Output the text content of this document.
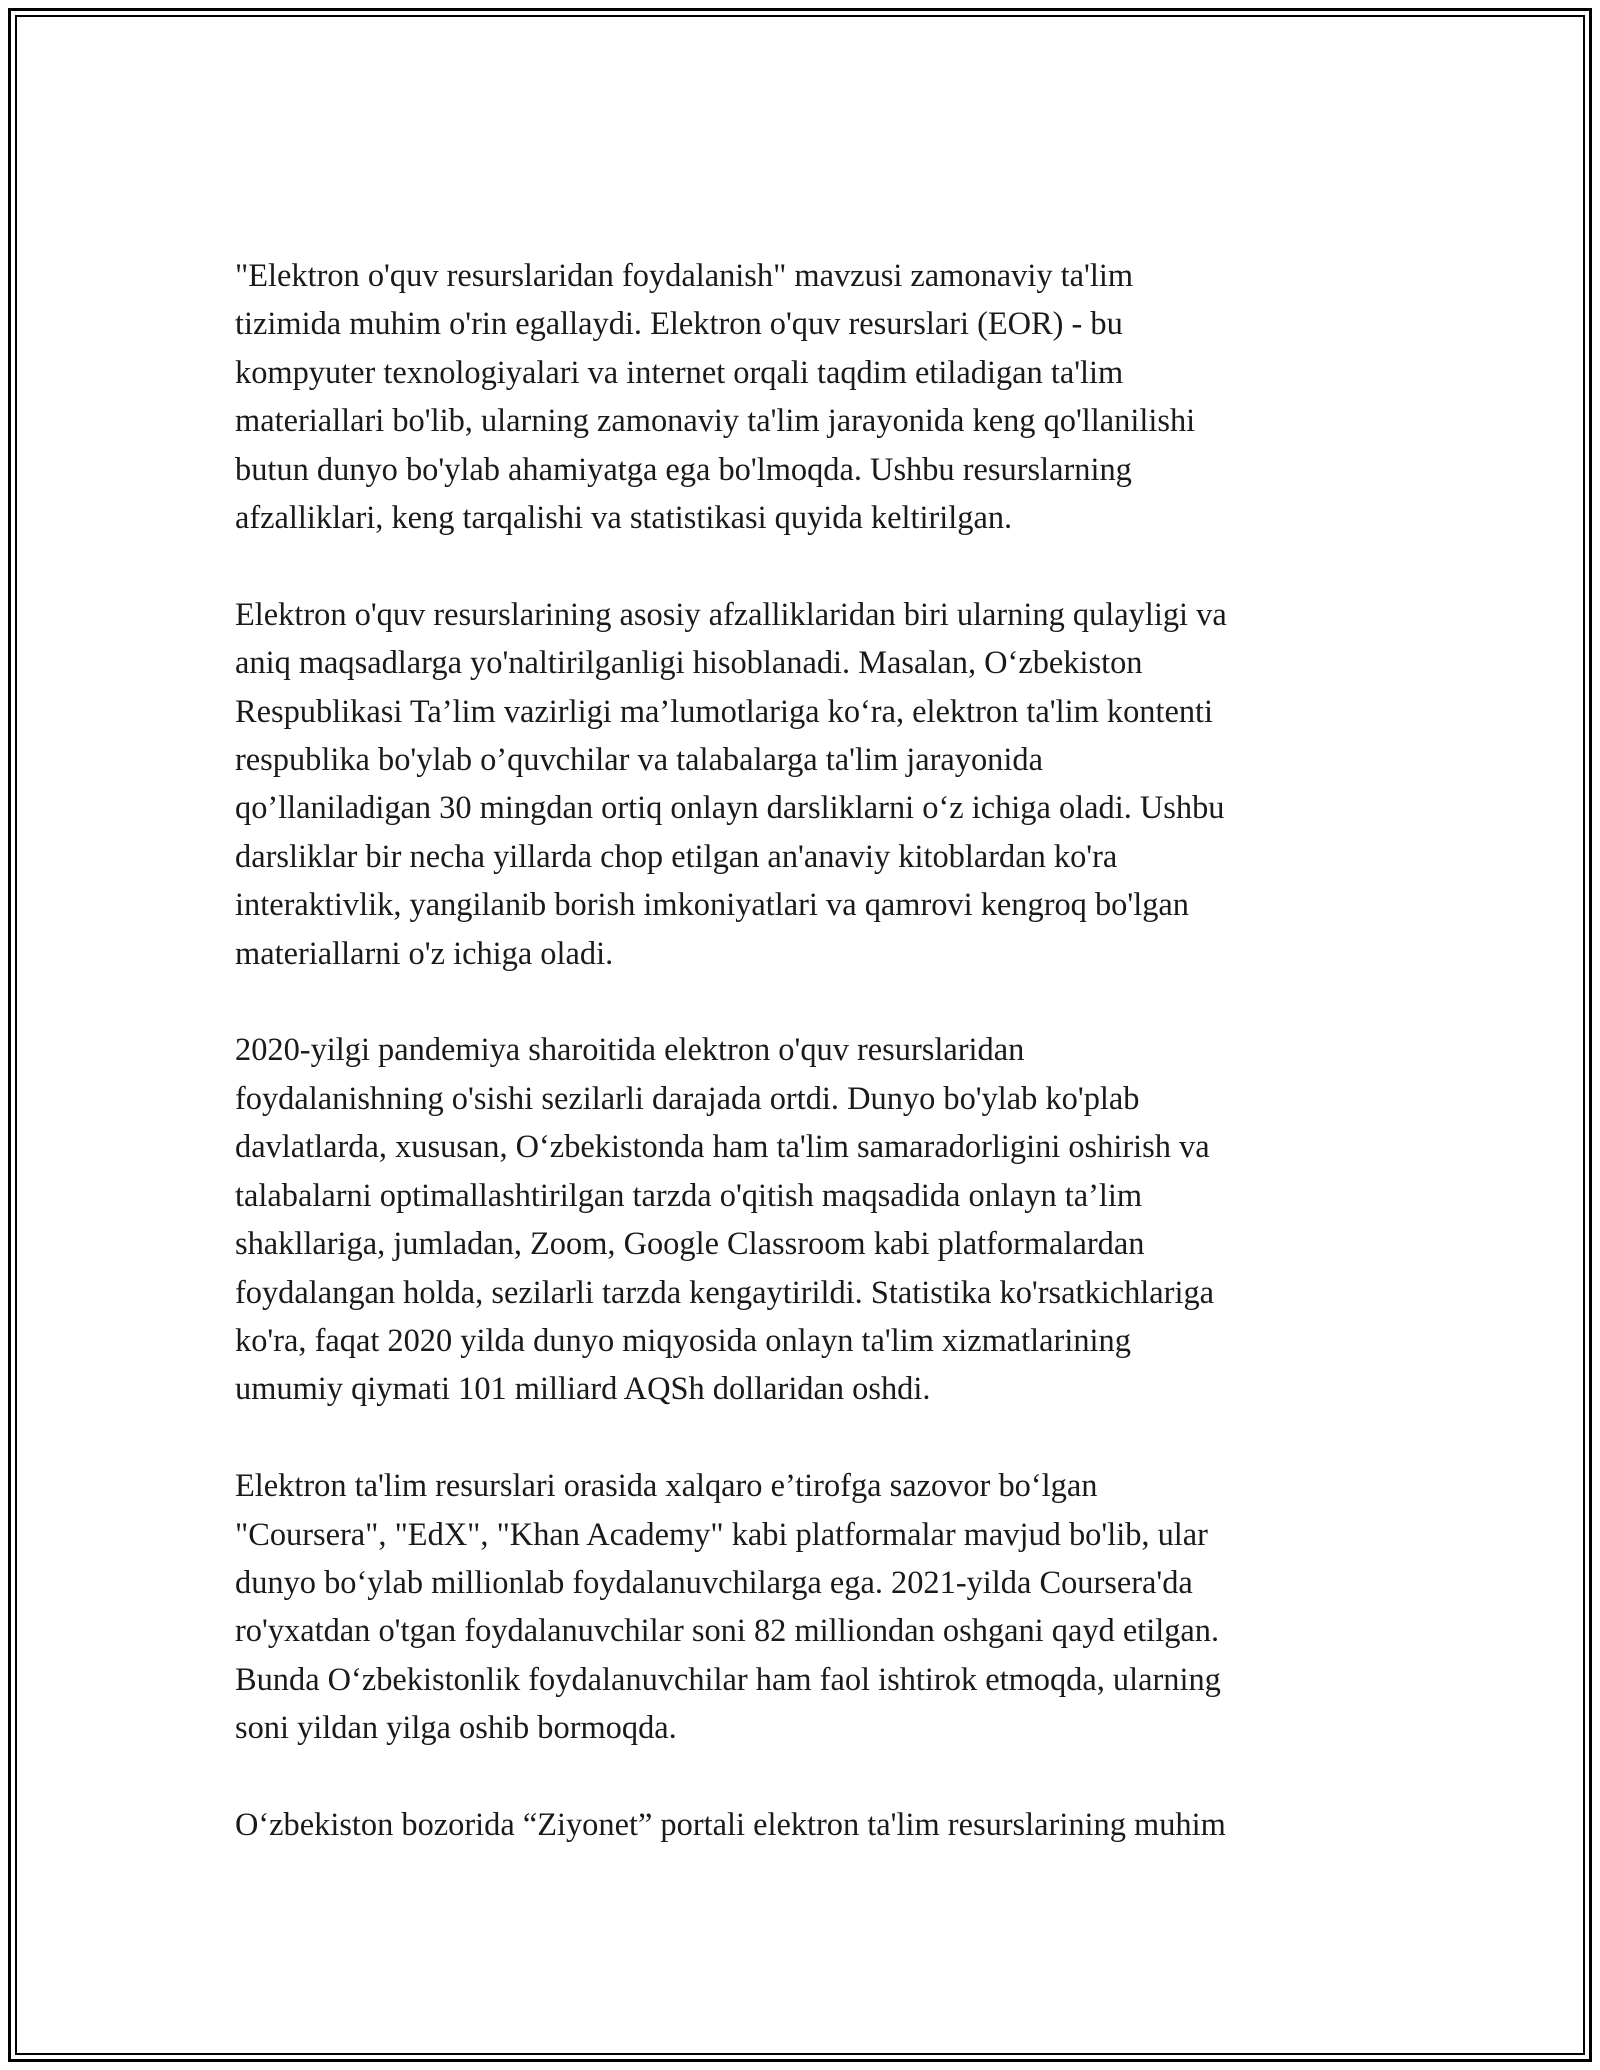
"Elektron o'quv resurslaridan foydalanish" mavzusi zamonaviy ta'lim
tizimida muhim o'rin egallaydi. Elektron o'quv resurslari (EOR) - bu
kompyuter texnologiyalari va internet orqali taqdim etiladigan ta'lim
materiallari bo'lib, ularning zamonaviy ta'lim jarayonida keng qo'llanilishi
butun dunyo bo'ylab ahamiyatga ega bo'lmoqda. Ushbu resurslarning
afzalliklari, keng tarqalishi va statistikasi quyida keltirilgan.

Elektron o'quv resurslarining asosiy afzalliklaridan biri ularning qulayligi va
aniq maqsadlarga yo'naltirilganligi hisoblanadi. Masalan, O‘zbekiston
Respublikasi Ta’lim vazirligi ma’lumotlariga ko‘ra, elektron ta'lim kontenti
respublika bo'ylab o’quvchilar va talabalarga ta'lim jarayonida
qo’llaniladigan 30 mingdan ortiq onlayn darsliklarni o‘z ichiga oladi. Ushbu
darsliklar bir necha yillarda chop etilgan an'anaviy kitoblardan ko'ra
interaktivlik, yangilanib borish imkoniyatlari va qamrovi kengroq bo'lgan
materiallarni o'z ichiga oladi.

2020-yilgi pandemiya sharoitida elektron o'quv resurslaridan
foydalanishning o'sishi sezilarli darajada ortdi. Dunyo bo'ylab ko'plab
davlatlarda, xususan, O‘zbekistonda ham ta'lim samaradorligini oshirish va
talabalarni optimallashtirilgan tarzda o'qitish maqsadida onlayn ta’lim
shakllariga, jumladan, Zoom, Google Classroom kabi platformalardan
foydalangan holda, sezilarli tarzda kengaytirildi. Statistika ko'rsatkichlariga
ko'ra, faqat 2020 yilda dunyo miqyosida onlayn ta'lim xizmatlarining
umumiy qiymati 101 milliard AQSh dollaridan oshdi.

Elektron ta'lim resurslari orasida xalqaro e’tirofga sazovor bo‘lgan
"Coursera", "EdX", "Khan Academy" kabi platformalar mavjud bo'lib, ular
dunyo bo‘ylab millionlab foydalanuvchilarga ega. 2021-yilda Coursera'da
ro'yxatdan o'tgan foydalanuvchilar soni 82 milliondan oshgani qayd etilgan.
Bunda O‘zbekistonlik foydalanuvchilar ham faol ishtirok etmoqda, ularning
soni yildan yilga oshib bormoqda.

O‘zbekiston bozorida “Ziyonet” portali elektron ta'lim resurslarining muhim
